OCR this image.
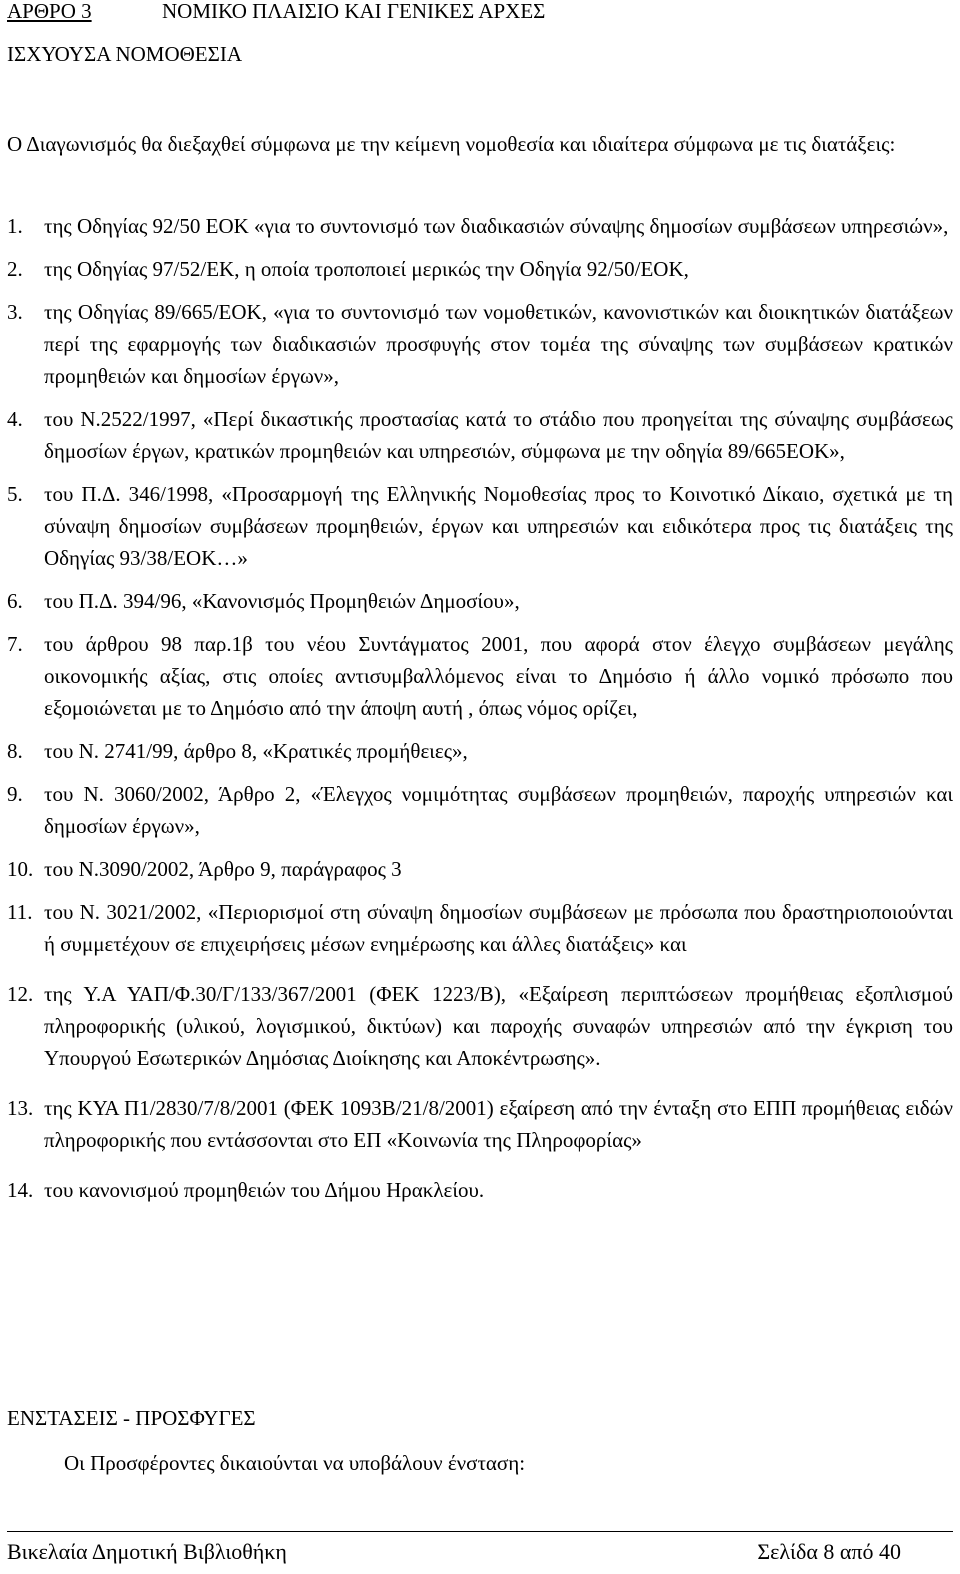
ΑΡΘΡΟ 3	ΝΟΜΙΚΟ ΠΛΑΙΣΙΟ ΚΑΙ ΓΕΝΙΚΕΣ ΑΡΧΕΣ
ΙΣΧΥΟΥΣΑ ΝΟΜΟΘΕΣΙΑ
Ο Διαγωνισμός θα διεξαχθεί σύμφωνα με την κείμενη νομοθεσία και ιδιαίτερα σύμφωνα με τις διατάξεις:
1.	της Οδηγίας 92/50 ΕΟΚ «για το συντονισμό των διαδικασιών σύναψης δημοσίων συμβάσεων υπηρεσιών»,
2.	της Οδηγίας 97/52/ΕΚ, η οποία τροποποιεί μερικώς την Οδηγία 92/50/ΕΟΚ,
3.	της Οδηγίας 89/665/ΕΟΚ, «για το συντονισμό των νομοθετικών, κανονιστικών και διοικητικών διατάξεων περί της εφαρμογής των διαδικασιών προσφυγής στον τομέα της σύναψης των συμβάσεων κρατικών προμηθειών και δημοσίων έργων»,
4.	του Ν.2522/1997, «Περί δικαστικής προστασίας κατά το στάδιο που προηγείται της σύναψης συμβάσεως δημοσίων έργων, κρατικών προμηθειών και υπηρεσιών, σύμφωνα με την οδηγία 89/665ΕΟΚ»,
5.	του Π.Δ. 346/1998, «Προσαρμογή της Ελληνικής Νομοθεσίας προς το Κοινοτικό Δίκαιο, σχετικά με τη σύναψη δημοσίων συμβάσεων προμηθειών, έργων και υπηρεσιών και ειδικότερα προς τις διατάξεις της Οδηγίας 93/38/ΕΟΚ…»
6.	του Π.Δ. 394/96, «Κανονισμός Προμηθειών Δημοσίου»,
7.	του άρθρου 98 παρ.1β του νέου Συντάγματος 2001, που αφορά στον έλεγχο συμβάσεων μεγάλης οικονομικής αξίας, στις οποίες αντισυμβαλλόμενος είναι το Δημόσιο ή άλλο νομικό πρόσωπο που εξομοιώνεται με το Δημόσιο από την άποψη αυτή , όπως νόμος ορίζει,
8.	του Ν. 2741/99, άρθρο 8, «Κρατικές προμήθειες»,
9.	του Ν. 3060/2002, Άρθρο 2, «Έλεγχος νομιμότητας συμβάσεων προμηθειών, παροχής υπηρεσιών και δημοσίων έργων»,
10. του Ν.3090/2002, Άρθρο 9, παράγραφος 3
11. του Ν. 3021/2002, «Περιορισμοί στη σύναψη δημοσίων συμβάσεων με πρόσωπα που δραστηριοποιούνται ή συμμετέχουν σε επιχειρήσεις μέσων ενημέρωσης και άλλες διατάξεις» και
12. της Υ.Α ΥΑΠ/Φ.30/Γ/133/367/2001 (ΦΕΚ 1223/Β), «Εξαίρεση περιπτώσεων προμήθειας εξοπλισμού πληροφορικής (υλικού, λογισμικού, δικτύων) και παροχής συναφών υπηρεσιών από την έγκριση του Υπουργού Εσωτερικών Δημόσιας Διοίκησης και Αποκέντρωσης».
13. της ΚΥΑ Π1/2830/7/8/2001 (ΦΕΚ 1093Β/21/8/2001) εξαίρεση από την ένταξη στο ΕΠΠ προμήθειας ειδών πληροφορικής που εντάσσονται στο ΕΠ «Κοινωνία της Πληροφορίας»
14. του κανονισμού προμηθειών του Δήμου Ηρακλείου.
ΕΝΣΤΑΣΕΙΣ - ΠΡΟΣΦΥΓΕΣ
Οι Προσφέροντες δικαιούνται να υποβάλουν ένσταση:
Βικελαία Δημοτική Βιβλιοθήκη	Σελίδα 8 από 40
